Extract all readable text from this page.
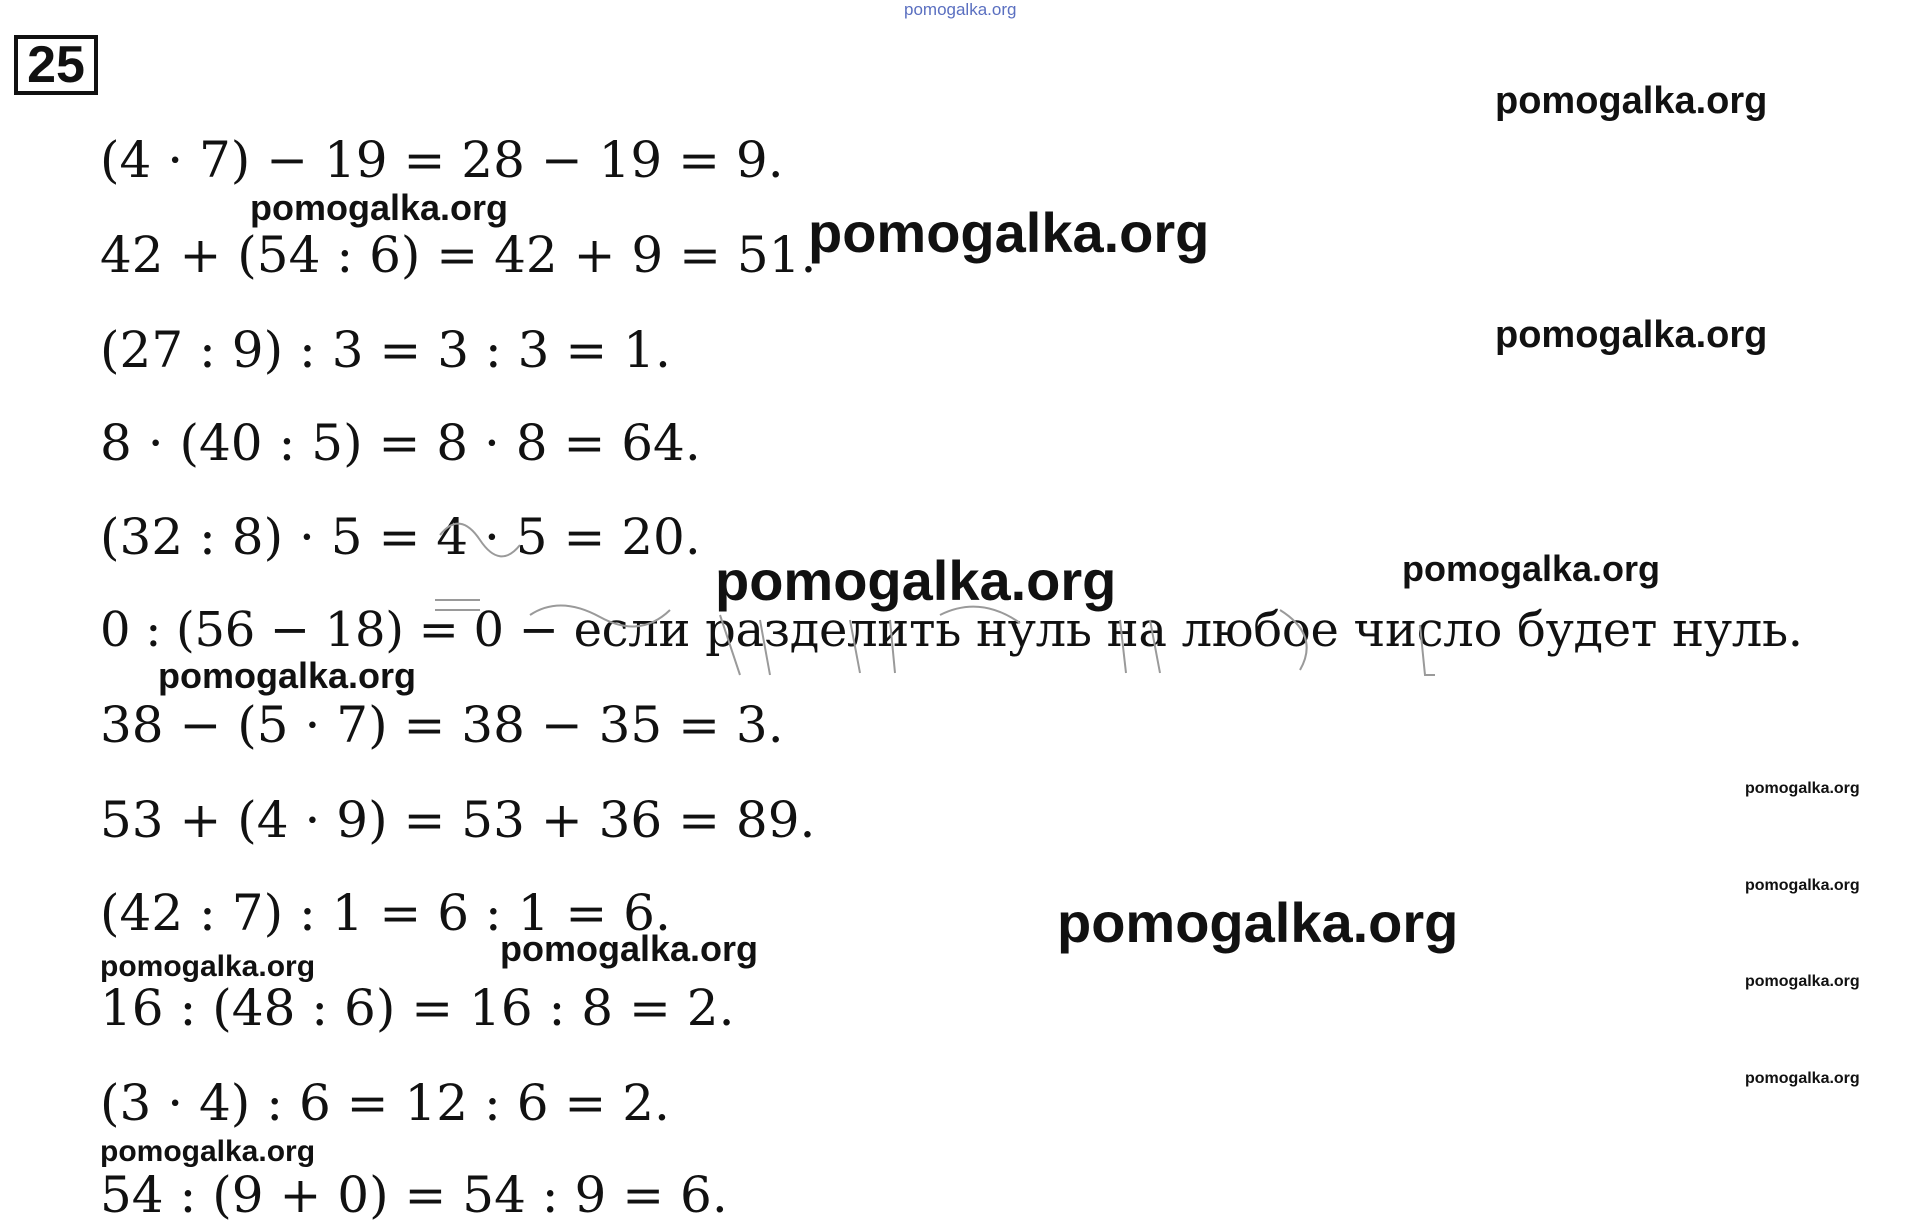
pomogalka.org
25
(4 · 7) − 19 = 28 − 19 = 9.
42 + (54 : 6) = 42 + 9 = 51.
(27 : 9) : 3 = 3 : 3 = 1.
8 · (40 : 5) = 8 · 8 = 64.
(32 : 8) · 5 = 4 · 5 = 20.
0 : (56 − 18) = 0 − если разделить нуль на любое число будет нуль.
38 − (5 · 7) = 38 − 35 = 3.
53 + (4 · 9) = 53 + 36 = 89.
(42 : 7) : 1 = 6 : 1 = 6.
16 : (48 : 6) = 16 : 8 = 2.
(3 · 4) : 6 = 12 : 6 = 2.
54 : (9 + 0) = 54 : 9 = 6.
pomogalka.org
pomogalka.org	pomogalka.org
pomogalka.org
pomogalka.org	pomogalka.org
pomogalka.org
pomogalka.org
pomogalka.org
pomogalka.org
pomogalka.org
pomogalka.org	pomogalka.org
pomogalka.org
pomogalka.org
